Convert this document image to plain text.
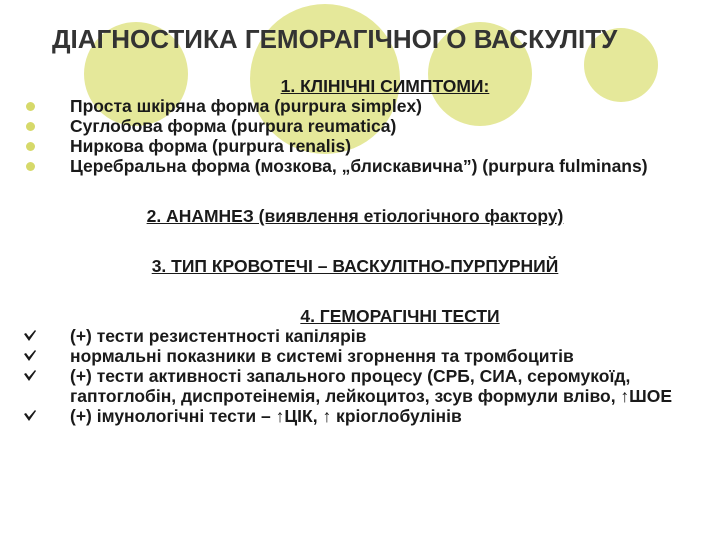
ДІАГНОСТИКА ГЕМОРАГІЧНОГО ВАСКУЛІТУ
1. КЛІНІЧНІ СИМПТОМИ:
Проста шкіряна форма (purpura simplex)
Суглобова форма (purpura reumatica)
Ниркова форма (purpura renalis)
Церебральна форма (мозкова, „блискавична”) (purpura fulminans)
2. АНАМНЕЗ (виявлення етіологічного фактору)
3. ТИП КРОВОТЕЧІ – ВАСКУЛІТНО-ПУРПУРНИЙ
4. ГЕМОРАГІЧНІ ТЕСТИ
(+) тести резистентності капілярів
нормальні показники в системі згорнення та тромбоцитів
(+) тести активності запального процесу (СРБ, СИА, серомукоїд, гаптоглобін, диспротеінемія, лейкоцитоз, зсув формули вліво, ↑ШОЕ
(+) імунологічні тести – ↑ЦІК, ↑ кріоглобулінів
